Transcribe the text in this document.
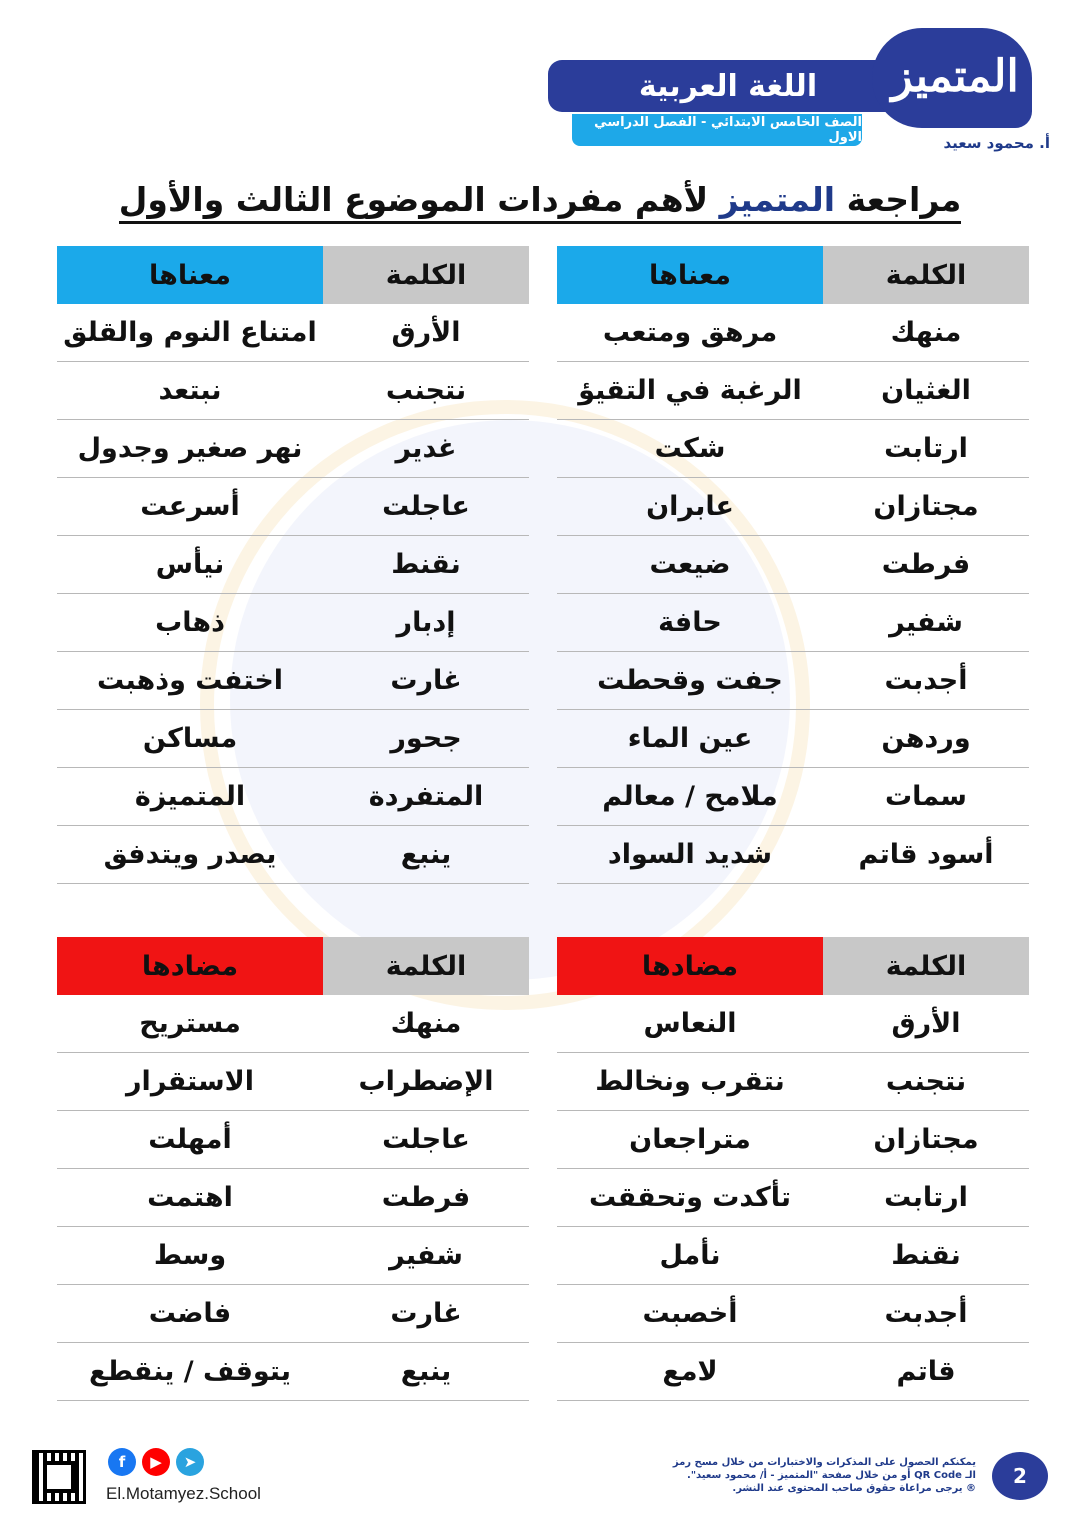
اللغة العربية
الصف الخامس الابتدائي - الفصل الدراسي الاول
المتميز
أ. محمود سعيد
مراجعة المتميز لأهم مفردات الموضوع الثالث والأول
الكلمة
معناها
منهك
مرهق ومتعب
الغثيان
الرغبة في التقيؤ
ارتابت
شكت
مجتازان
عابران
فرطت
ضيعت
شفير
حافة
أجدبت
جفت وقحطت
وردهن
عين الماء
سمات
ملامح / معالم
أسود قاتم
شديد السواد
الكلمة
معناها
الأرق
امتناع النوم والقلق
نتجنب
نبتعد
غدير
نهر صغير وجدول
عاجلت
أسرعت
نقنط
نيأس
إدبار
ذهاب
غارت
اختفت وذهبت
جحور
مساكن
المتفردة
المتميزة
ينبع
يصدر ويتدفق
الكلمة
مضادها
الأرق
النعاس
نتجنب
نتقرب ونخالط
مجتازان
متراجعان
ارتابت
تأكدت وتحققت
نقنط
نأمل
أجدبت
أخصبت
قاتم
لامع
الكلمة
مضادها
منهك
مستريح
الإضطراب
الاستقرار
عاجلت
أمهلت
فرطت
اهتمت
شفير
وسط
غارت
فاضت
ينبع
يتوقف / ينقطع
f	▶	➤
El.Motamyez.School
يمكنكم الحصول على المذكرات والاختبارات من خلال مسح رمز
الـ QR Code أو من خلال صفحة "المتميز - أ/ محمود سعيد".
® يرجى مراعاة حقوق صاحب المحتوى عند النشر.
2
